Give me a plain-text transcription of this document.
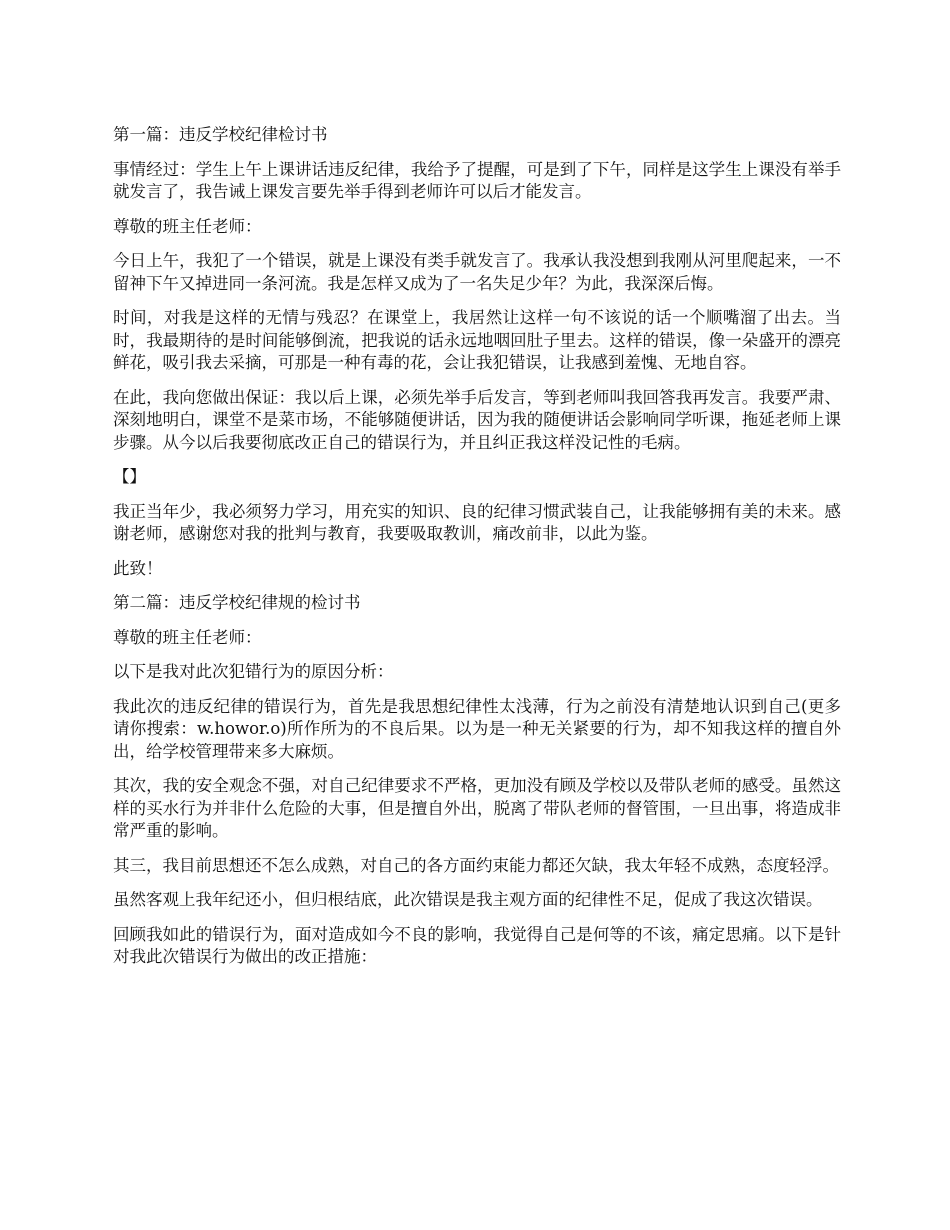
第一篇：违反学校纪律检讨书

事情经过：学生上午上课讲话违反纪律，我给予了提醒，可是到了下午，同样是这学生上课没有举手就发言了，我告诫上课发言要先举手得到老师许可以后才能发言。

尊敬的班主任老师：

今日上午，我犯了一个错误，就是上课没有类手就发言了。我承认我没想到我刚从河里爬起来，一不留神下午又掉进同一条河流。我是怎样又成为了一名失足少年？为此，我深深后悔。

时间，对我是这样的无情与残忍？在课堂上，我居然让这样一句不该说的话一个顺嘴溜了出去。当时，我最期待的是时间能够倒流，把我说的话永远地咽回肚子里去。这样的错误，像一朵盛开的漂亮鲜花，吸引我去采摘，可那是一种有毒的花，会让我犯错误，让我感到羞愧、无地自容。

在此，我向您做出保证：我以后上课，必须先举手后发言，等到老师叫我回答我再发言。我要严肃、深刻地明白，课堂不是菜市场，不能够随便讲话，因为我的随便讲话会影响同学听课，拖延老师上课步骤。从今以后我要彻底改正自己的错误行为，并且纠正我这样没记性的毛病。

【】

我正当年少，我必须努力学习，用充实的知识、良的纪律习惯武装自己，让我能够拥有美的未来。感谢老师，感谢您对我的批判与教育，我要吸取教训，痛改前非，以此为鉴。

此致！

第二篇：违反学校纪律规的检讨书

尊敬的班主任老师：

以下是我对此次犯错行为的原因分析：

我此次的违反纪律的错误行为，首先是我思想纪律性太浅薄，行为之前没有清楚地认识到自己(更多请你搜索：w.howor.o)所作所为的不良后果。以为是一种无关紧要的行为，却不知我这样的擅自外出，给学校管理带来多大麻烦。

其次，我的安全观念不强，对自己纪律要求不严格，更加没有顾及学校以及带队老师的感受。虽然这样的买水行为并非什么危险的大事，但是擅自外出，脱离了带队老师的督管围，一旦出事，将造成非常严重的影响。

其三，我目前思想还不怎么成熟，对自己的各方面约束能力都还欠缺，我太年轻不成熟，态度轻浮。

虽然客观上我年纪还小，但归根结底，此次错误是我主观方面的纪律性不足，促成了我这次错误。

回顾我如此的错误行为，面对造成如今不良的影响，我觉得自己是何等的不该，痛定思痛。以下是针对我此次错误行为做出的改正措施：
